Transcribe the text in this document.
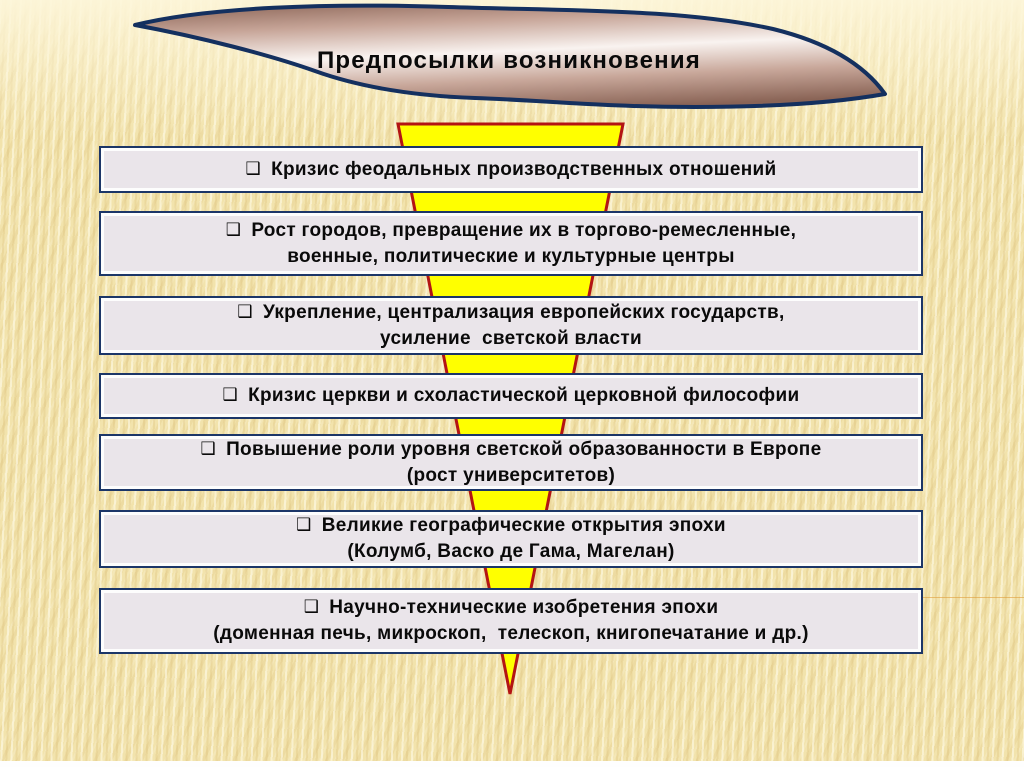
Предпосылки возникновения
❑ Кризис феодальных производственных отношений
❑ Рост городов, превращение их в торгово-ремесленные,
военные, политические и культурные центры
❑ Укрепление, централизация европейских государств,
усиление  светской власти
❑ Кризис церкви и схоластической церковной философии
❑ Повышение роли уровня светской образованности в Европе
(рост университетов)
❑ Великие географические открытия эпохи
(Колумб, Васко де Гама, Магелан)
❑ Научно-технические изобретения эпохи
(доменная печь, микроскоп,  телескоп, книгопечатание и др.)
